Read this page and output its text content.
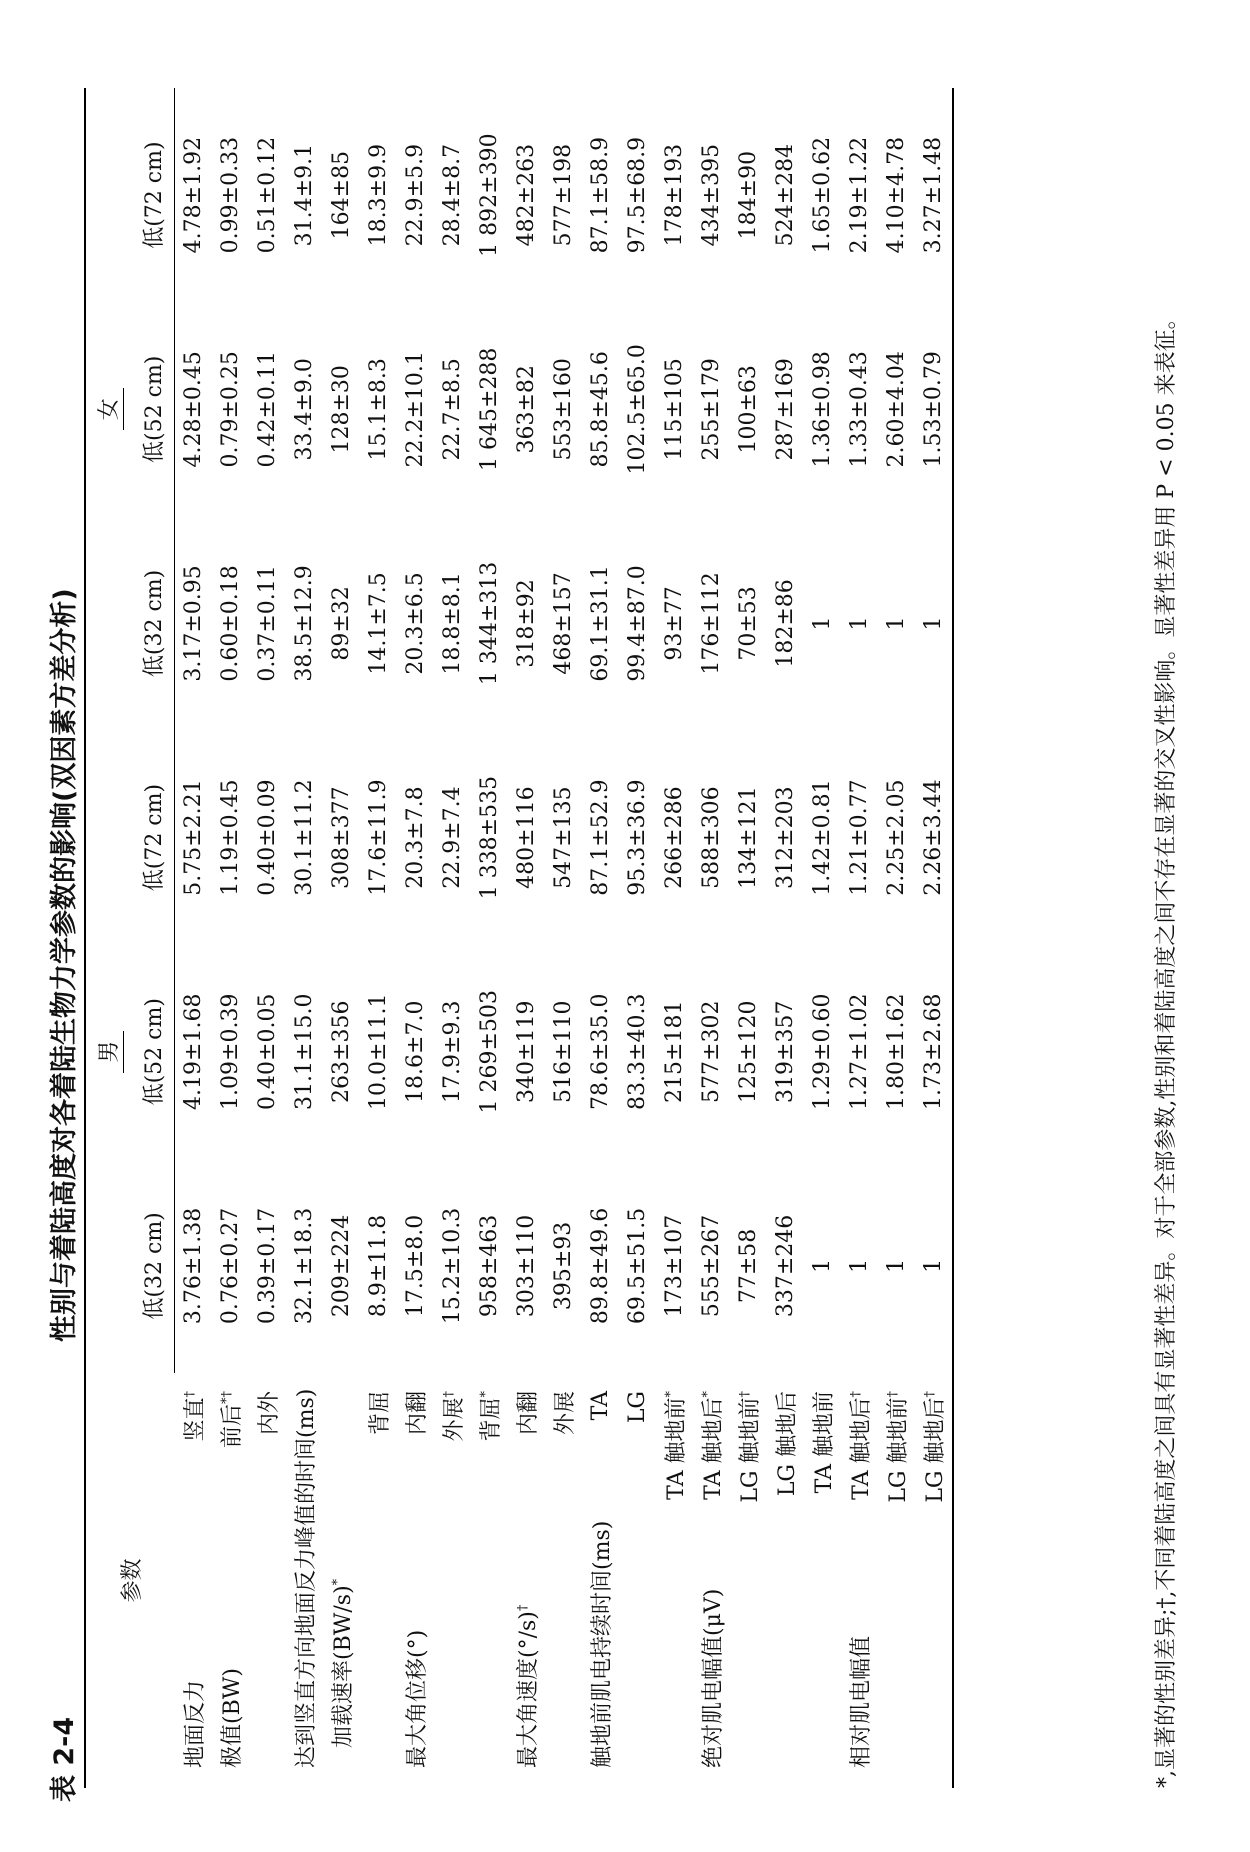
表 2-4
性别与着陆高度对各着陆生物力学参数的影响(双因素方差分析)
参数		男			女		
		低(32 cm)	低(52 cm)	低(72 cm)	低(32 cm)	低(52 cm)	低(72 cm)
地面反力	竖直†	3.76±1.38	4.19±1.68	5.75±2.21	3.17±0.95	4.28±0.45	4.78±1.92
极值(BW)	前后*†	0.76±0.27	1.09±0.39	1.19±0.45	0.60±0.18	0.79±0.25	0.99±0.33
	内外	0.39±0.17	0.40±0.05	0.40±0.09	0.37±0.11	0.42±0.11	0.51±0.12
达到竖直方向地面反力峰值的时间(ms)		32.1±18.3	31.1±15.0	30.1±11.2	38.5±12.9	33.4±9.0	31.4±9.1
加载速率(BW/s)*		209±224	263±356	308±377	89±32	128±30	164±85
	背屈	8.9±11.8	10.0±11.1	17.6±11.9	14.1±7.5	15.1±8.3	18.3±9.9
最大角位移(°)	内翻	17.5±8.0	18.6±7.0	20.3±7.8	20.3±6.5	22.2±10.1	22.9±5.9
	外展†	15.2±10.3	17.9±9.3	22.9±7.4	18.8±8.1	22.7±8.5	28.4±8.7
	背屈*	958±463	1 269±503	1 338±535	1 344±313	1 645±288	1 892±390
最大角速度(°/s)†	内翻	303±110	340±119	480±116	318±92	363±82	482±263
	外展	395±93	516±110	547±135	468±157	553±160	577±198
触地前肌电持续时间(ms)	TA	89.8±49.6	78.6±35.0	87.1±52.9	69.1±31.1	85.8±45.6	87.1±58.9
	LG	69.5±51.5	83.3±40.3	95.3±36.9	99.4±87.0	102.5±65.0	97.5±68.9
	TA 触地前*	173±107	215±181	266±286	93±77	115±105	178±193
绝对肌电幅值(μV)	TA 触地后*	555±267	577±302	588±306	176±112	255±179	434±395
	LG 触地前†	77±58	125±120	134±121	70±53	100±63	184±90
	LG 触地后	337±246	319±357	312±203	182±86	287±169	524±284
	TA 触地前	1	1.29±0.60	1.42±0.81	1	1.36±0.98	1.65±0.62
相对肌电幅值	TA 触地后†	1	1.27±1.02	1.21±0.77	1	1.33±0.43	2.19±1.22
	LG 触地前†	1	1.80±1.62	2.25±2.05	1	2.60±4.04	4.10±4.78
	LG 触地后†	1	1.73±2.68	2.26±3.44	1	1.53±0.79	3.27±1.48
*,显著的性别差异;†,不同着陆高度之间具有显著性差异。对于全部参数,性别和着陆高度之间不存在显著的交叉性影响。显著性差异用 P < 0.05 来表征。
